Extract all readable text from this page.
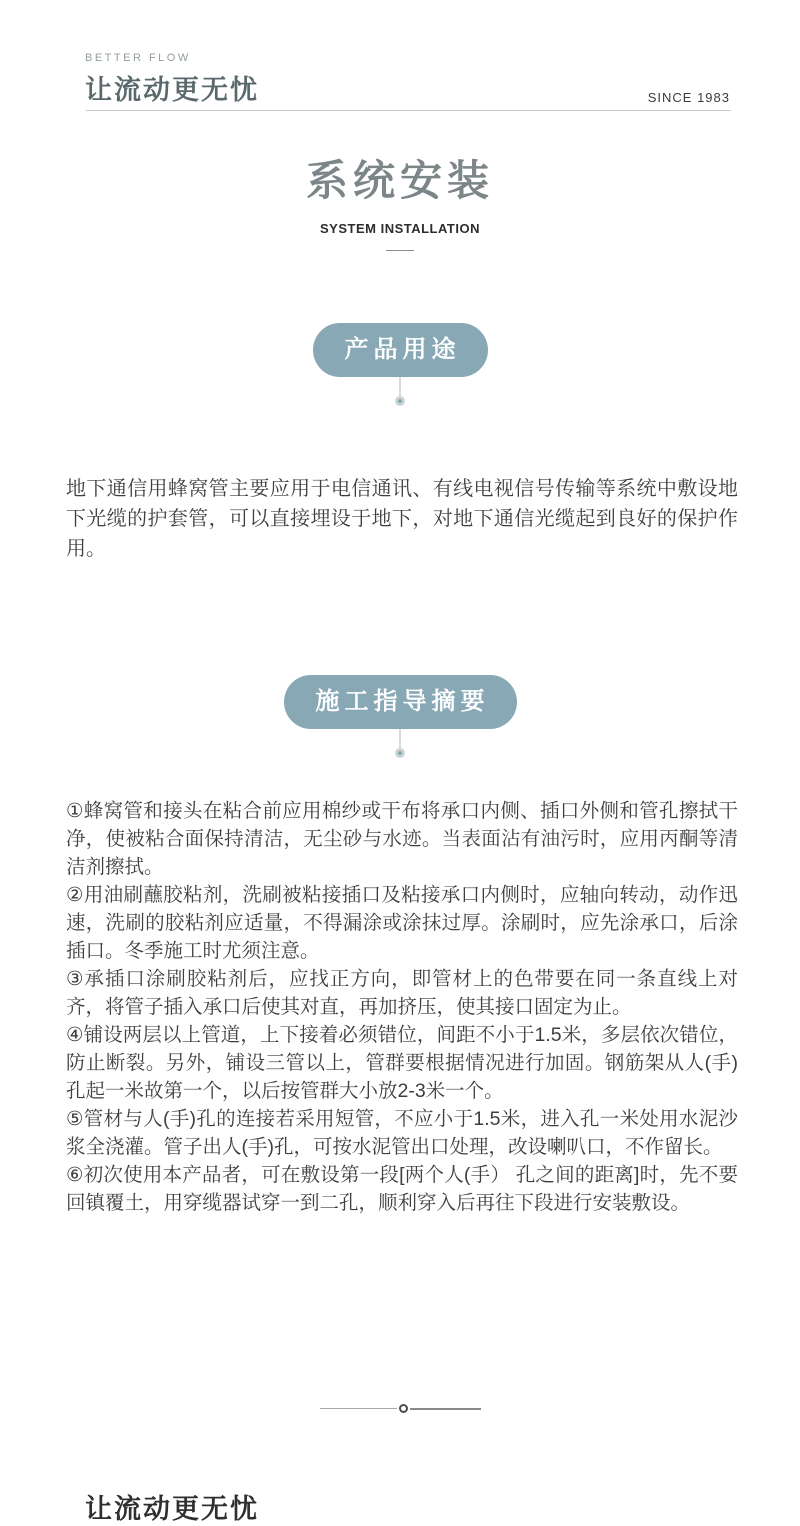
BETTER FLOW
让流动更无忧	SINCE 1983
系统安装
SYSTEM INSTALLATION
产品用途

地下通信用蜂窝管主要应用于电信通讯、有线电视信号传输等系统中敷设地下光缆的护套管，可以直接埋设于地下，对地下通信光缆起到良好的保护作用。

施工指导摘要

①蜂窝管和接头在粘合前应用棉纱或干布将承口内侧、插口外侧和管孔擦拭干净，使被粘合面保持清洁，无尘砂与水迹。当表面沾有油污时，应用丙酮等清洁剂擦拭。

②用油刷蘸胶粘剂，洗刷被粘接插口及粘接承口内侧时，应轴向转动，动作迅速，洗刷的胶粘剂应适量，不得漏涂或涂抹过厚。涂刷时，应先涂承口，后涂插口。冬季施工时尤须注意。

③承插口涂刷胶粘剂后，应找正方向，即管材上的色带要在同一条直线上对齐，将管子插入承口后使其对直，再加挤压，使其接口固定为止。

④铺设两层以上管道，上下接着必须错位，间距不小于1.5米，多层依次错位，防止断裂。另外，铺设三管以上，管群要根据情况进行加固。钢筋架从人(手)孔起一米故第一个，以后按管群大小放2-3米一个。

⑤管材与人(手)孔的连接若采用短管，不应小于1.5米，进入孔一米处用水泥沙浆全浇灌。管子出人(手)孔，可按水泥管出口处理，改设喇叭口，不作留长。

⑥初次使用本产品者，可在敷设第一段[两个人(手） 孔之间的距离]时，先不要回镇覆土，用穿缆器试穿一到二孔，顺利穿入后再往下段进行安装敷设。

让流动更无忧
